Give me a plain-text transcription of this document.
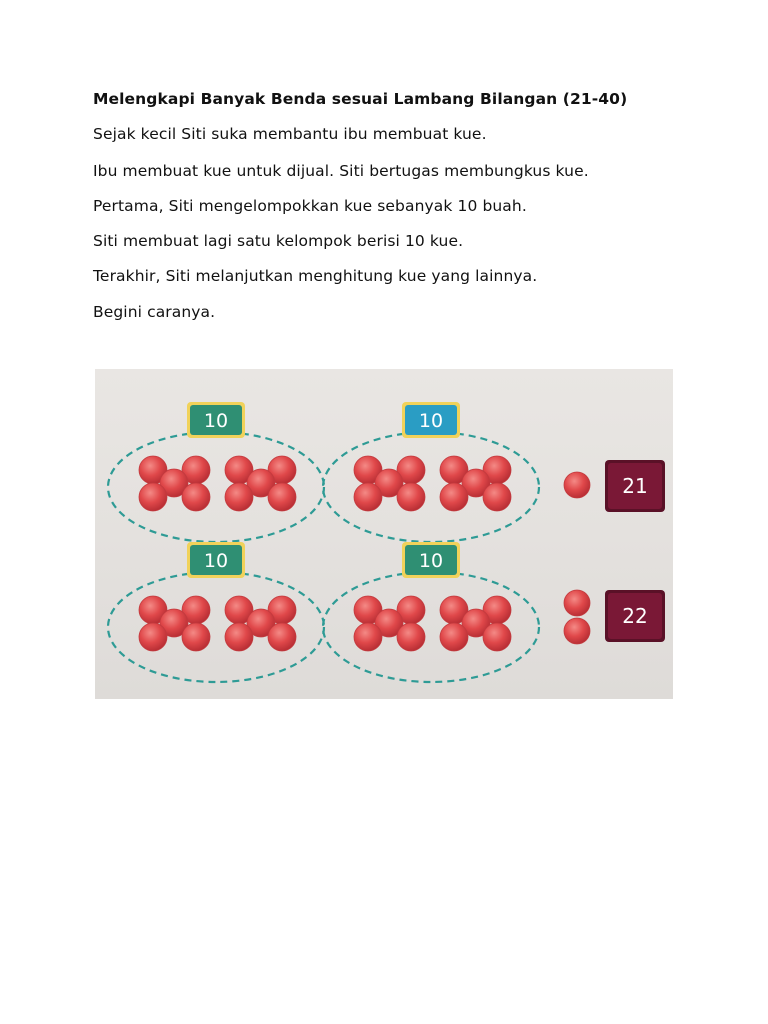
Melengkapi Banyak Benda sesuai Lambang Bilangan (21-40)
Sejak kecil Siti suka membantu ibu membuat kue.
Ibu membuat kue untuk dijual. Siti bertugas membungkus kue.
Pertama, Siti mengelompokkan kue sebanyak 10 buah.
Siti membuat lagi satu kelompok berisi 10 kue.
Terakhir, Siti melanjutkan menghitung kue yang lainnya.
Begini caranya.
10	10
21
10	10
22
